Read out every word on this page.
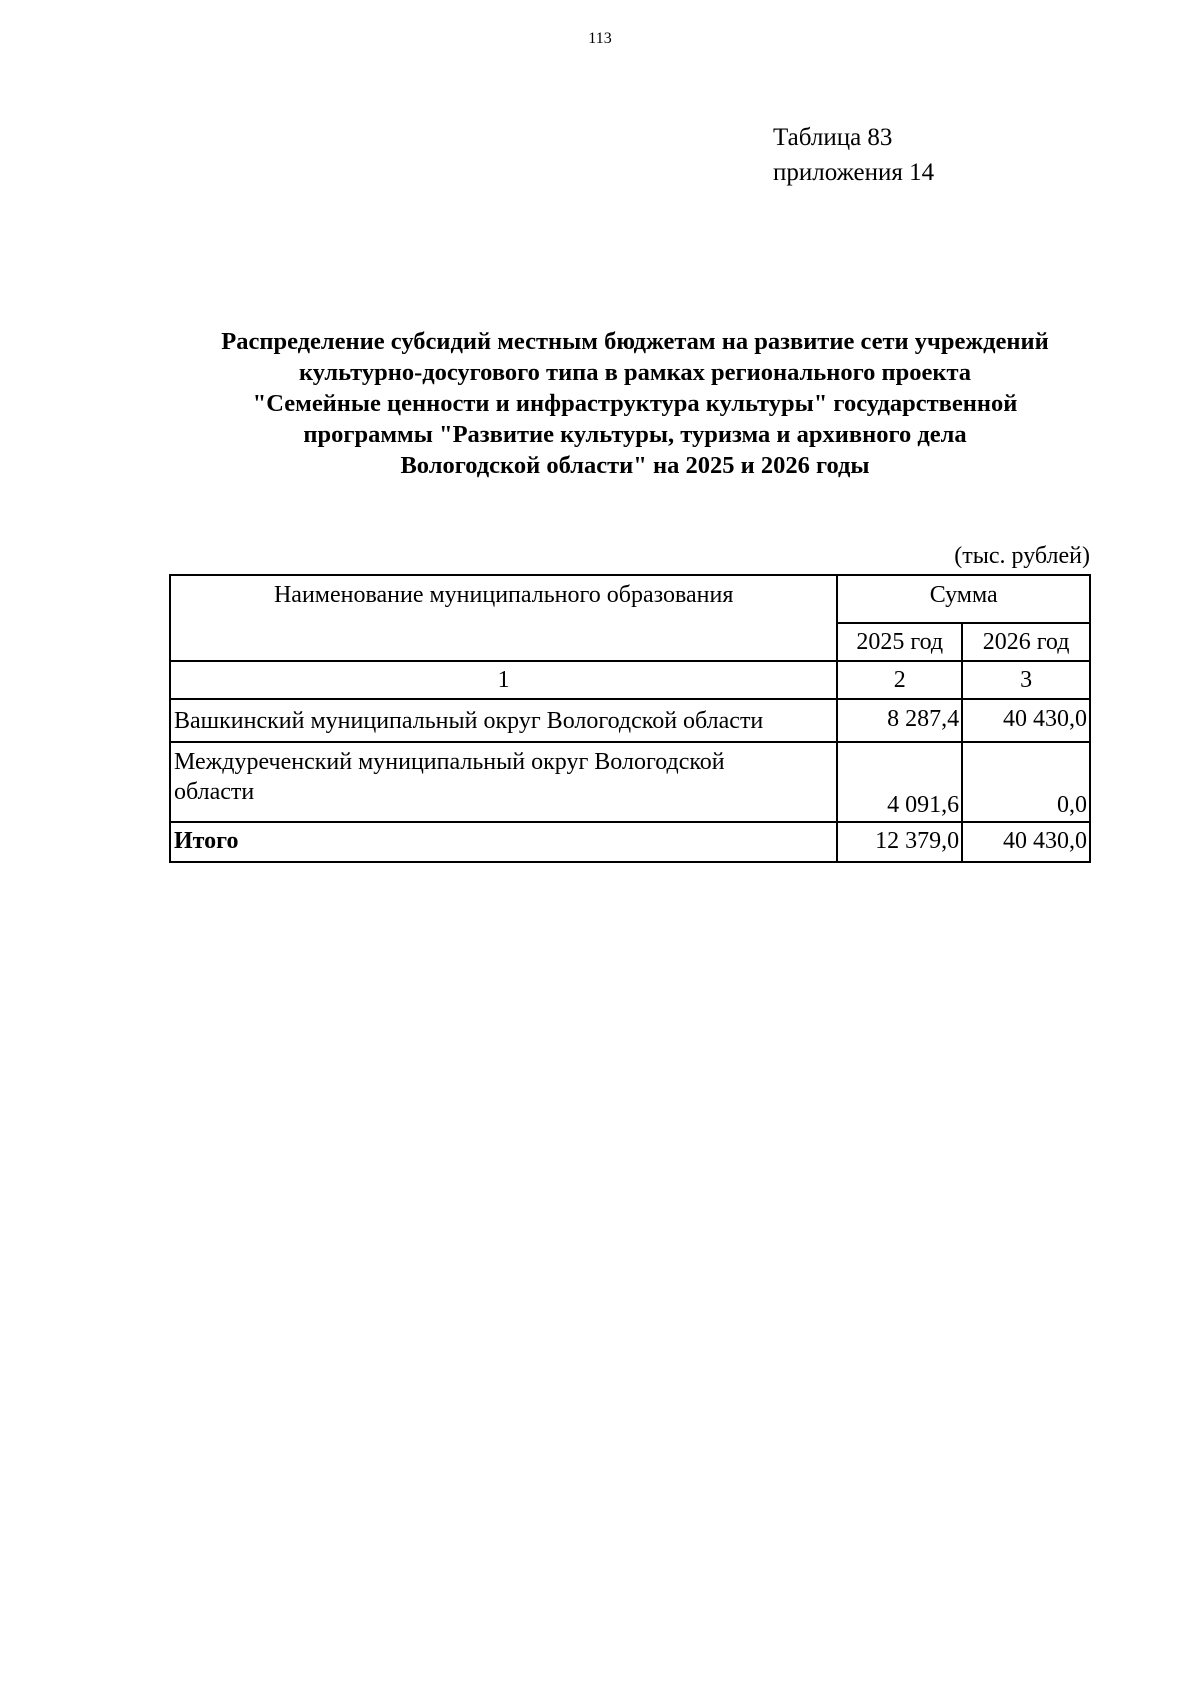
113
Таблица 83
приложения 14
Распределение субсидий местным бюджетам на развитие сети учреждений
культурно-досугового типа в рамках регионального проекта
"Семейные ценности и инфраструктура культуры" государственной
программы "Развитие культуры, туризма и архивного дела
Вологодской области" на 2025 и 2026 годы
(тыс. рублей)
Наименование муниципального образования	Сумма	
	2025 год	2026 год
1	2	3
Вашкинский муниципальный округ Вологодской области	8 287,4	40 430,0

Междуреченский муниципальный округ Вологодской
области	4 091,6	0,0
Итого	12 379,0	40 430,0
